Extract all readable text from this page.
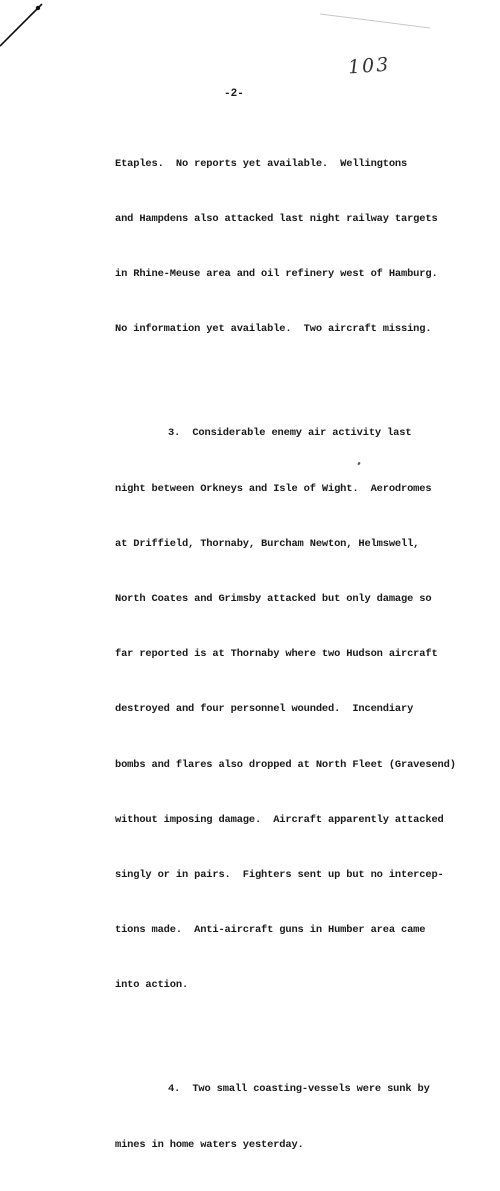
103
-2-

Etaples.  No reports yet available.  Wellingtons

and Hampdens also attacked last night railway targets

in Rhine-Meuse area and oil refinery west of Hamburg.

No information yet available.  Two aircraft missing.

3.  Considerable enemy air activity last

night between Orkneys and Isle of Wight.  Aerodromes

at Driffield, Thornaby, Burcham Newton, Helmswell,

North Coates and Grimsby attacked but only damage so

far reported is at Thornaby where two Hudson aircraft

destroyed and four personnel wounded.  Incendiary

bombs and flares also dropped at North Fleet (Gravesend)

without imposing damage.  Aircraft apparently attacked

singly or in pairs.  Fighters sent up but no intercep-

tions made.  Anti-aircraft guns in Humber area came

into action.

4.  Two small coasting-vessels were sunk by

mines in home waters yesterday.
